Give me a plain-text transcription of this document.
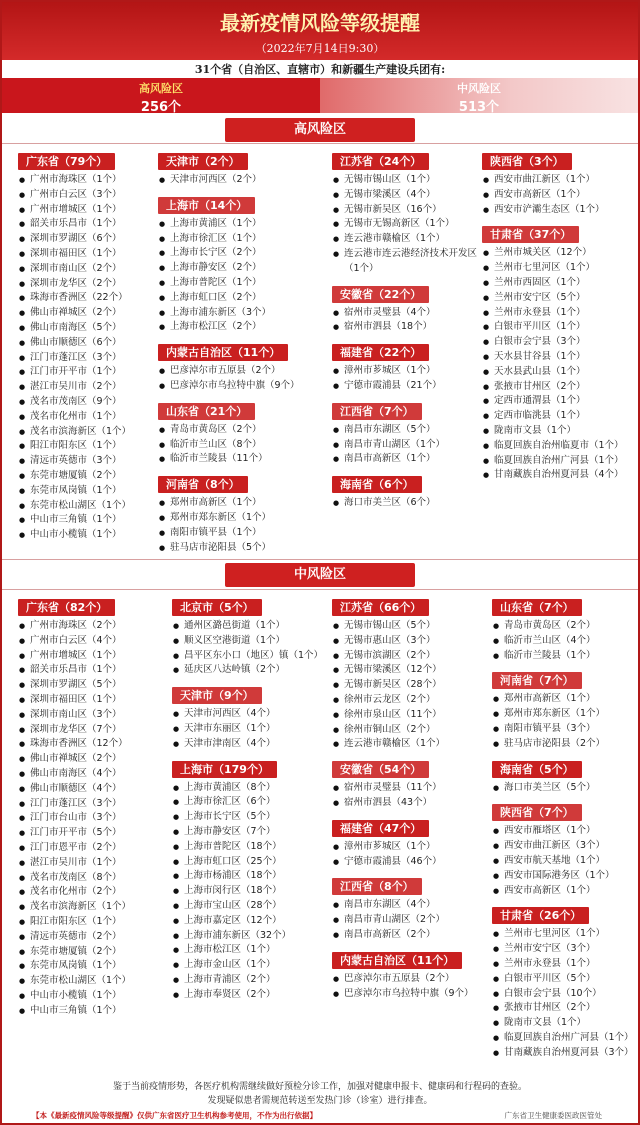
最新疫情风险等级提醒
（2022年7月14日9:30）
31个省（自治区、直辖市）和新疆生产建设兵团有:
高风险区
256个
中风险区
513个
高风险区
广东省（79个）
● 广州市海珠区（1个）
● 广州市白云区（3个）
● 广州市增城区（1个）
● 韶关市乐昌市（1个）
● 深圳市罗湖区（6个）
● 深圳市福田区（1个）
● 深圳市南山区（2个）
● 深圳市龙华区（2个）
● 珠海市香洲区（22个）
● 佛山市禅城区（2个）
● 佛山市南海区（5个）
● 佛山市顺德区（6个）
● 江门市蓬江区（3个）
● 江门市开平市（1个）
● 湛江市吴川市（2个）
● 茂名市茂南区（9个）
● 茂名市化州市（1个）
● 茂名市滨海新区（1个）
● 阳江市阳东区（1个）
● 清远市英德市（3个）
● 东莞市塘厦镇（2个）
● 东莞市凤岗镇（1个）
● 东莞市松山湖区（1个）
● 中山市三角镇（1个）
● 中山市小榄镇（1个）
天津市（2个）
● 天津市河西区（2个）
上海市（14个）
● 上海市黄浦区（1个）
● 上海市徐汇区（1个）
● 上海市长宁区（2个）
● 上海市静安区（2个）
● 上海市普陀区（1个）
● 上海市虹口区（2个）
● 上海市浦东新区（3个）
● 上海市松江区（2个）
内蒙古自治区（11个）
● 巴彦淖尔市五原县（2个）
● 巴彦淖尔市乌拉特中旗（9个）
山东省（21个）
● 青岛市黄岛区（2个）
● 临沂市兰山区（8个）
● 临沂市兰陵县（11个）
河南省（8个）
● 郑州市高新区（1个）
● 郑州市郑东新区（1个）
● 南阳市镇平县（1个）
● 驻马店市泌阳县（5个）
江苏省（24个）
● 无锡市锡山区（1个）
● 无锡市梁溪区（4个）
● 无锡市新吴区（16个）
● 无锡市无锡高新区（1个）
● 连云港市赣榆区（1个）
● 连云港市连云港经济技术开发区（1个）
安徽省（22个）
● 宿州市灵璧县（4个）
● 宿州市泗县（18个）
福建省（22个）
● 漳州市芗城区（1个）
● 宁德市霞浦县（21个）
江西省（7个）
● 南昌市东湖区（5个）
● 南昌市青山湖区（1个）
● 南昌市高新区（1个）
海南省（6个）
● 海口市美兰区（6个）
陕西省（3个）
● 西安市曲江新区（1个）
● 西安市高新区（1个）
● 西安市浐灞生态区（1个）
甘肃省（37个）
● 兰州市城关区（12个）
● 兰州市七里河区（1个）
● 兰州市西固区（1个）
● 兰州市安宁区（5个）
● 兰州市永登县（1个）
● 白银市平川区（1个）
● 白银市会宁县（3个）
● 天水县甘谷县（1个）
● 天水县武山县（1个）
● 张掖市甘州区（2个）
● 定西市通渭县（1个）
● 定西市临洮县（1个）
● 陇南市文县（1个）
● 临夏回族自治州临夏市（1个）
● 临夏回族自治州广河县（1个）
● 甘南藏族自治州夏河县（4个）
中风险区
广东省（82个）
● 广州市海珠区（2个）
● 广州市白云区（4个）
● 广州市增城区（1个）
● 韶关市乐昌市（1个）
● 深圳市罗湖区（5个）
● 深圳市福田区（1个）
● 深圳市南山区（3个）
● 深圳市龙华区（7个）
● 珠海市香洲区（12个）
● 佛山市禅城区（2个）
● 佛山市南海区（4个）
● 佛山市顺德区（4个）
● 江门市蓬江区（3个）
● 江门市台山市（3个）
● 江门市开平市（5个）
● 江门市恩平市（2个）
● 湛江市吴川市（1个）
● 茂名市茂南区（8个）
● 茂名市化州市（2个）
● 茂名市滨海新区（1个）
● 阳江市阳东区（1个）
● 清远市英德市（2个）
● 东莞市塘厦镇（2个）
● 东莞市凤岗镇（1个）
● 东莞市松山湖区（1个）
● 中山市小榄镇（1个）
● 中山市三角镇（1个）
北京市（5个）
● 通州区潞邑街道（1个）
● 顺义区空港街道（1个）
● 昌平区东小口（地区）镇（1个）
● 延庆区八达岭镇（2个）
天津市（9个）
● 天津市河西区（4个）
● 天津市东丽区（1个）
● 天津市津南区（4个）
上海市（179个）
● 上海市黄浦区（8个）
● 上海市徐汇区（6个）
● 上海市长宁区（5个）
● 上海市静安区（7个）
● 上海市普陀区（18个）
● 上海市虹口区（25个）
● 上海市杨浦区（18个）
● 上海市闵行区（18个）
● 上海市宝山区（28个）
● 上海市嘉定区（12个）
● 上海市浦东新区（32个）
● 上海市松江区（1个）
● 上海市金山区（1个）
● 上海市青浦区（2个）
● 上海市奉贤区（2个）
江苏省（66个）
● 无锡市锡山区（5个）
● 无锡市惠山区（3个）
● 无锡市滨湖区（2个）
● 无锡市梁溪区（12个）
● 无锡市新吴区（28个）
● 徐州市云龙区（2个）
● 徐州市泉山区（11个）
● 徐州市铜山区（2个）
● 连云港市赣榆区（1个）
安徽省（54个）
● 宿州市灵璧县（11个）
● 宿州市泗县（43个）
福建省（47个）
● 漳州市芗城区（1个）
● 宁德市霞浦县（46个）
江西省（8个）
● 南昌市东湖区（4个）
● 南昌市青山湖区（2个）
● 南昌市高新区（2个）
内蒙古自治区（11个）
● 巴彦淖尔市五原县（2个）
● 巴彦淖尔市乌拉特中旗（9个）
山东省（7个）
● 青岛市黄岛区（2个）
● 临沂市兰山区（4个）
● 临沂市兰陵县（1个）
河南省（7个）
● 郑州市高新区（1个）
● 郑州市郑东新区（1个）
● 南阳市镇平县（3个）
● 驻马店市泌阳县（2个）
海南省（5个）
● 海口市美兰区（5个）
陕西省（7个）
● 西安市雁塔区（1个）
● 西安市曲江新区（3个）
● 西安市航天基地（1个）
● 西安市国际港务区（1个）
● 西安市高新区（1个）
甘肃省（26个）
● 兰州市七里河区（1个）
● 兰州市安宁区（3个）
● 兰州市永登县（1个）
● 白银市平川区（5个）
● 白银市会宁县（10个）
● 张掖市甘州区（2个）
● 陇南市文县（1个）
● 临夏回族自治州广河县（1个）
● 甘南藏族自治州夏河县（3个）
鉴于当前疫情形势，各医疗机构需继续做好预检分诊工作，加强对健康申报卡、健康码和行程码的查验。
发现疑似患者需规范转送至发热门诊（诊室）进行排查。
【本《最新疫情风险等级提醒》仅供广东省医疗卫生机构参考使用，不作为出行依据】	广东省卫生健康委医政医管处
